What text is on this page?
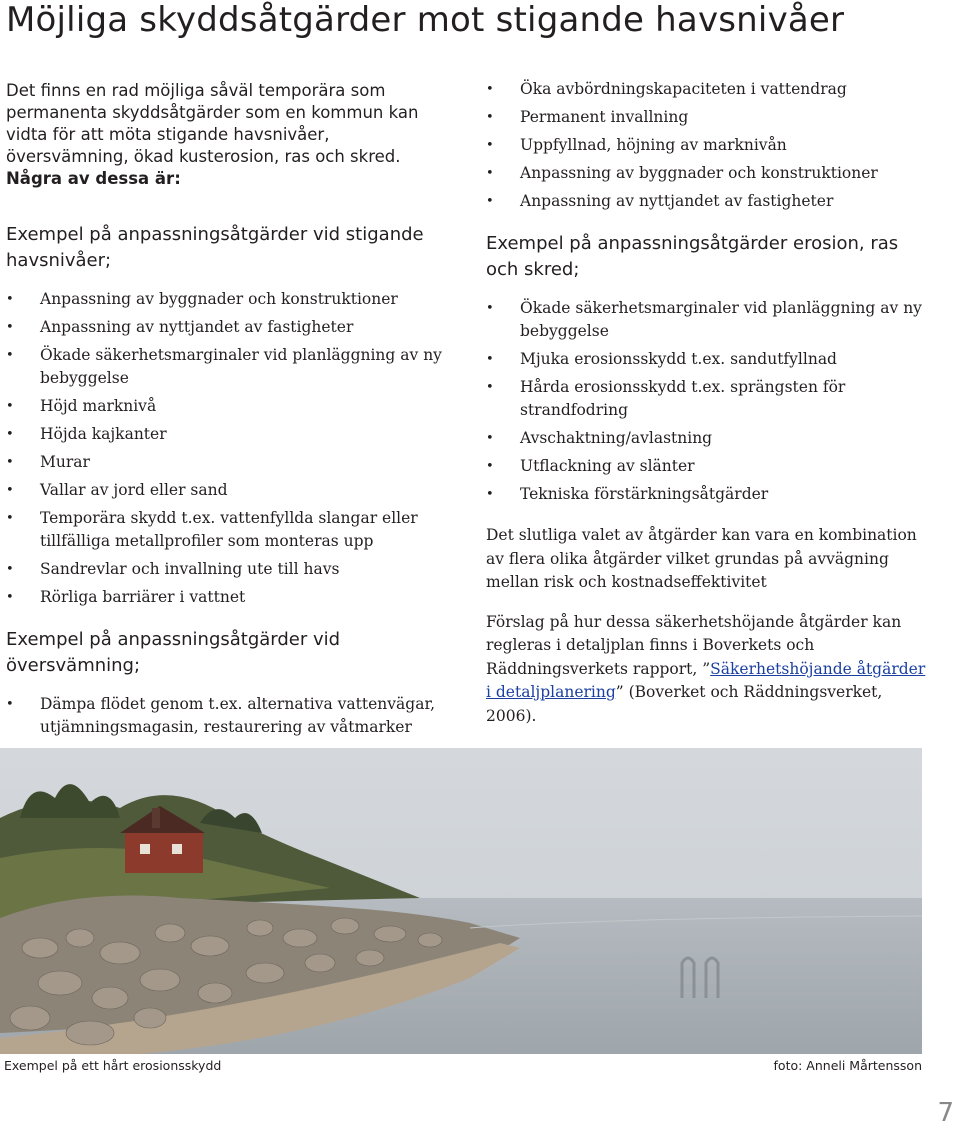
Möjliga skyddsåtgärder mot stigande havsnivåer

Det finns en rad möjliga såväl temporära som permanenta skyddsåtgärder som en kommun kan vidta för att möta stigande havsnivåer, översvämning, ökad kusterosion, ras och skred. Några av dessa är:

Exempel på anpassningsåtgärder vid stigande havsnivåer;
• Anpassning av byggnader och konstruktioner
• Anpassning av nyttjandet av fastigheter
• Ökade säkerhetsmarginaler vid planläggning av ny bebyggelse
• Höjd marknivå
• Höjda kajkanter
• Murar
• Vallar av jord eller sand
• Temporära skydd t.ex. vattenfyllda slangar eller tillfälliga metallprofiler som monteras upp
• Sandrevlar och invallning ute till havs
• Rörliga barriärer i vattnet
Exempel på anpassningsåtgärder vid översvämning;
• Dämpa flödet genom t.ex. alternativa vattenvägar, utjämningsmagasin, restaurering av våtmarker
• Öka avbördningskapaciteten i vattendrag
• Permanent invallning
• Uppfyllnad, höjning av marknivån
• Anpassning av byggnader och konstruktioner
• Anpassning av nyttjandet av fastigheter
Exempel på anpassningsåtgärder erosion, ras och skred;
• Ökade säkerhetsmarginaler vid planläggning av ny bebyggelse
• Mjuka erosionsskydd t.ex. sandutfyllnad
• Hårda erosionsskydd t.ex. sprängsten för strandfodring
• Avschaktning/avlastning
• Utflackning av slänter
• Tekniska förstärkningsåtgärder

Det slutliga valet av åtgärder kan vara en kombination av flera olika åtgärder vilket grundas på avvägning mellan risk och kostnadseffektivitet

Förslag på hur dessa säkerhetshöjande åtgärder kan regleras i detaljplan finns i Boverkets och Räddningsverkets rapport, ”Säkerhetshöjande åtgärder i detaljplanering” (Boverket och Räddningsverket, 2006).

Exempel på ett hårt erosionsskydd	foto: Anneli Mårtensson
7
